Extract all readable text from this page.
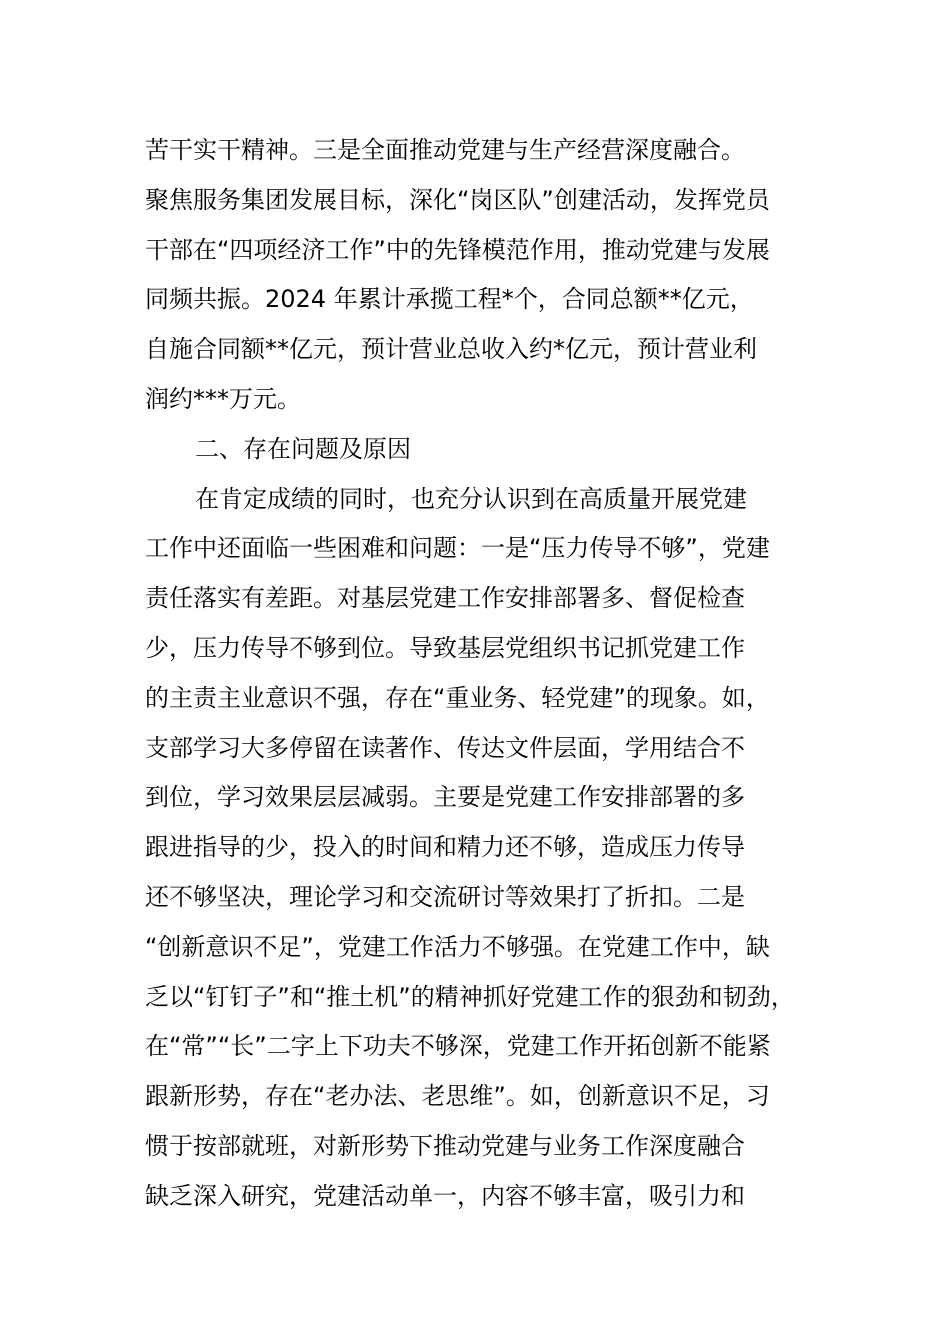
苦干实干精神。三是全面推动党建与生产经营深度融合。
聚焦服务集团发展目标，深化“岗区队”创建活动，发挥党员
干部在“四项经济工作”中的先锋模范作用，推动党建与发展
同频共振。2024 年累计承揽工程*个，合同总额**亿元，
自施合同额**亿元，预计营业总收入约*亿元，预计营业利
润约***万元。
二、存在问题及原因
在肯定成绩的同时，也充分认识到在高质量开展党建
工作中还面临一些困难和问题：一是“压力传导不够”，党建
责任落实有差距。对基层党建工作安排部署多、督促检查
少，压力传导不够到位。导致基层党组织书记抓党建工作
的主责主业意识不强，存在“重业务、轻党建”的现象。如，
支部学习大多停留在读著作、传达文件层面，学用结合不
到位，学习效果层层减弱。主要是党建工作安排部署的多
跟进指导的少，投入的时间和精力还不够，造成压力传导
还不够坚决，理论学习和交流研讨等效果打了折扣。二是
“创新意识不足”，党建工作活力不够强。在党建工作中，缺
乏以“钉钉子”和“推土机”的精神抓好党建工作的狠劲和韧劲，
在“常”“长”二字上下功夫不够深，党建工作开拓创新不能紧
跟新形势，存在“老办法、老思维”。如，创新意识不足，习
惯于按部就班，对新形势下推动党建与业务工作深度融合
缺乏深入研究，党建活动单一，内容不够丰富，吸引力和
